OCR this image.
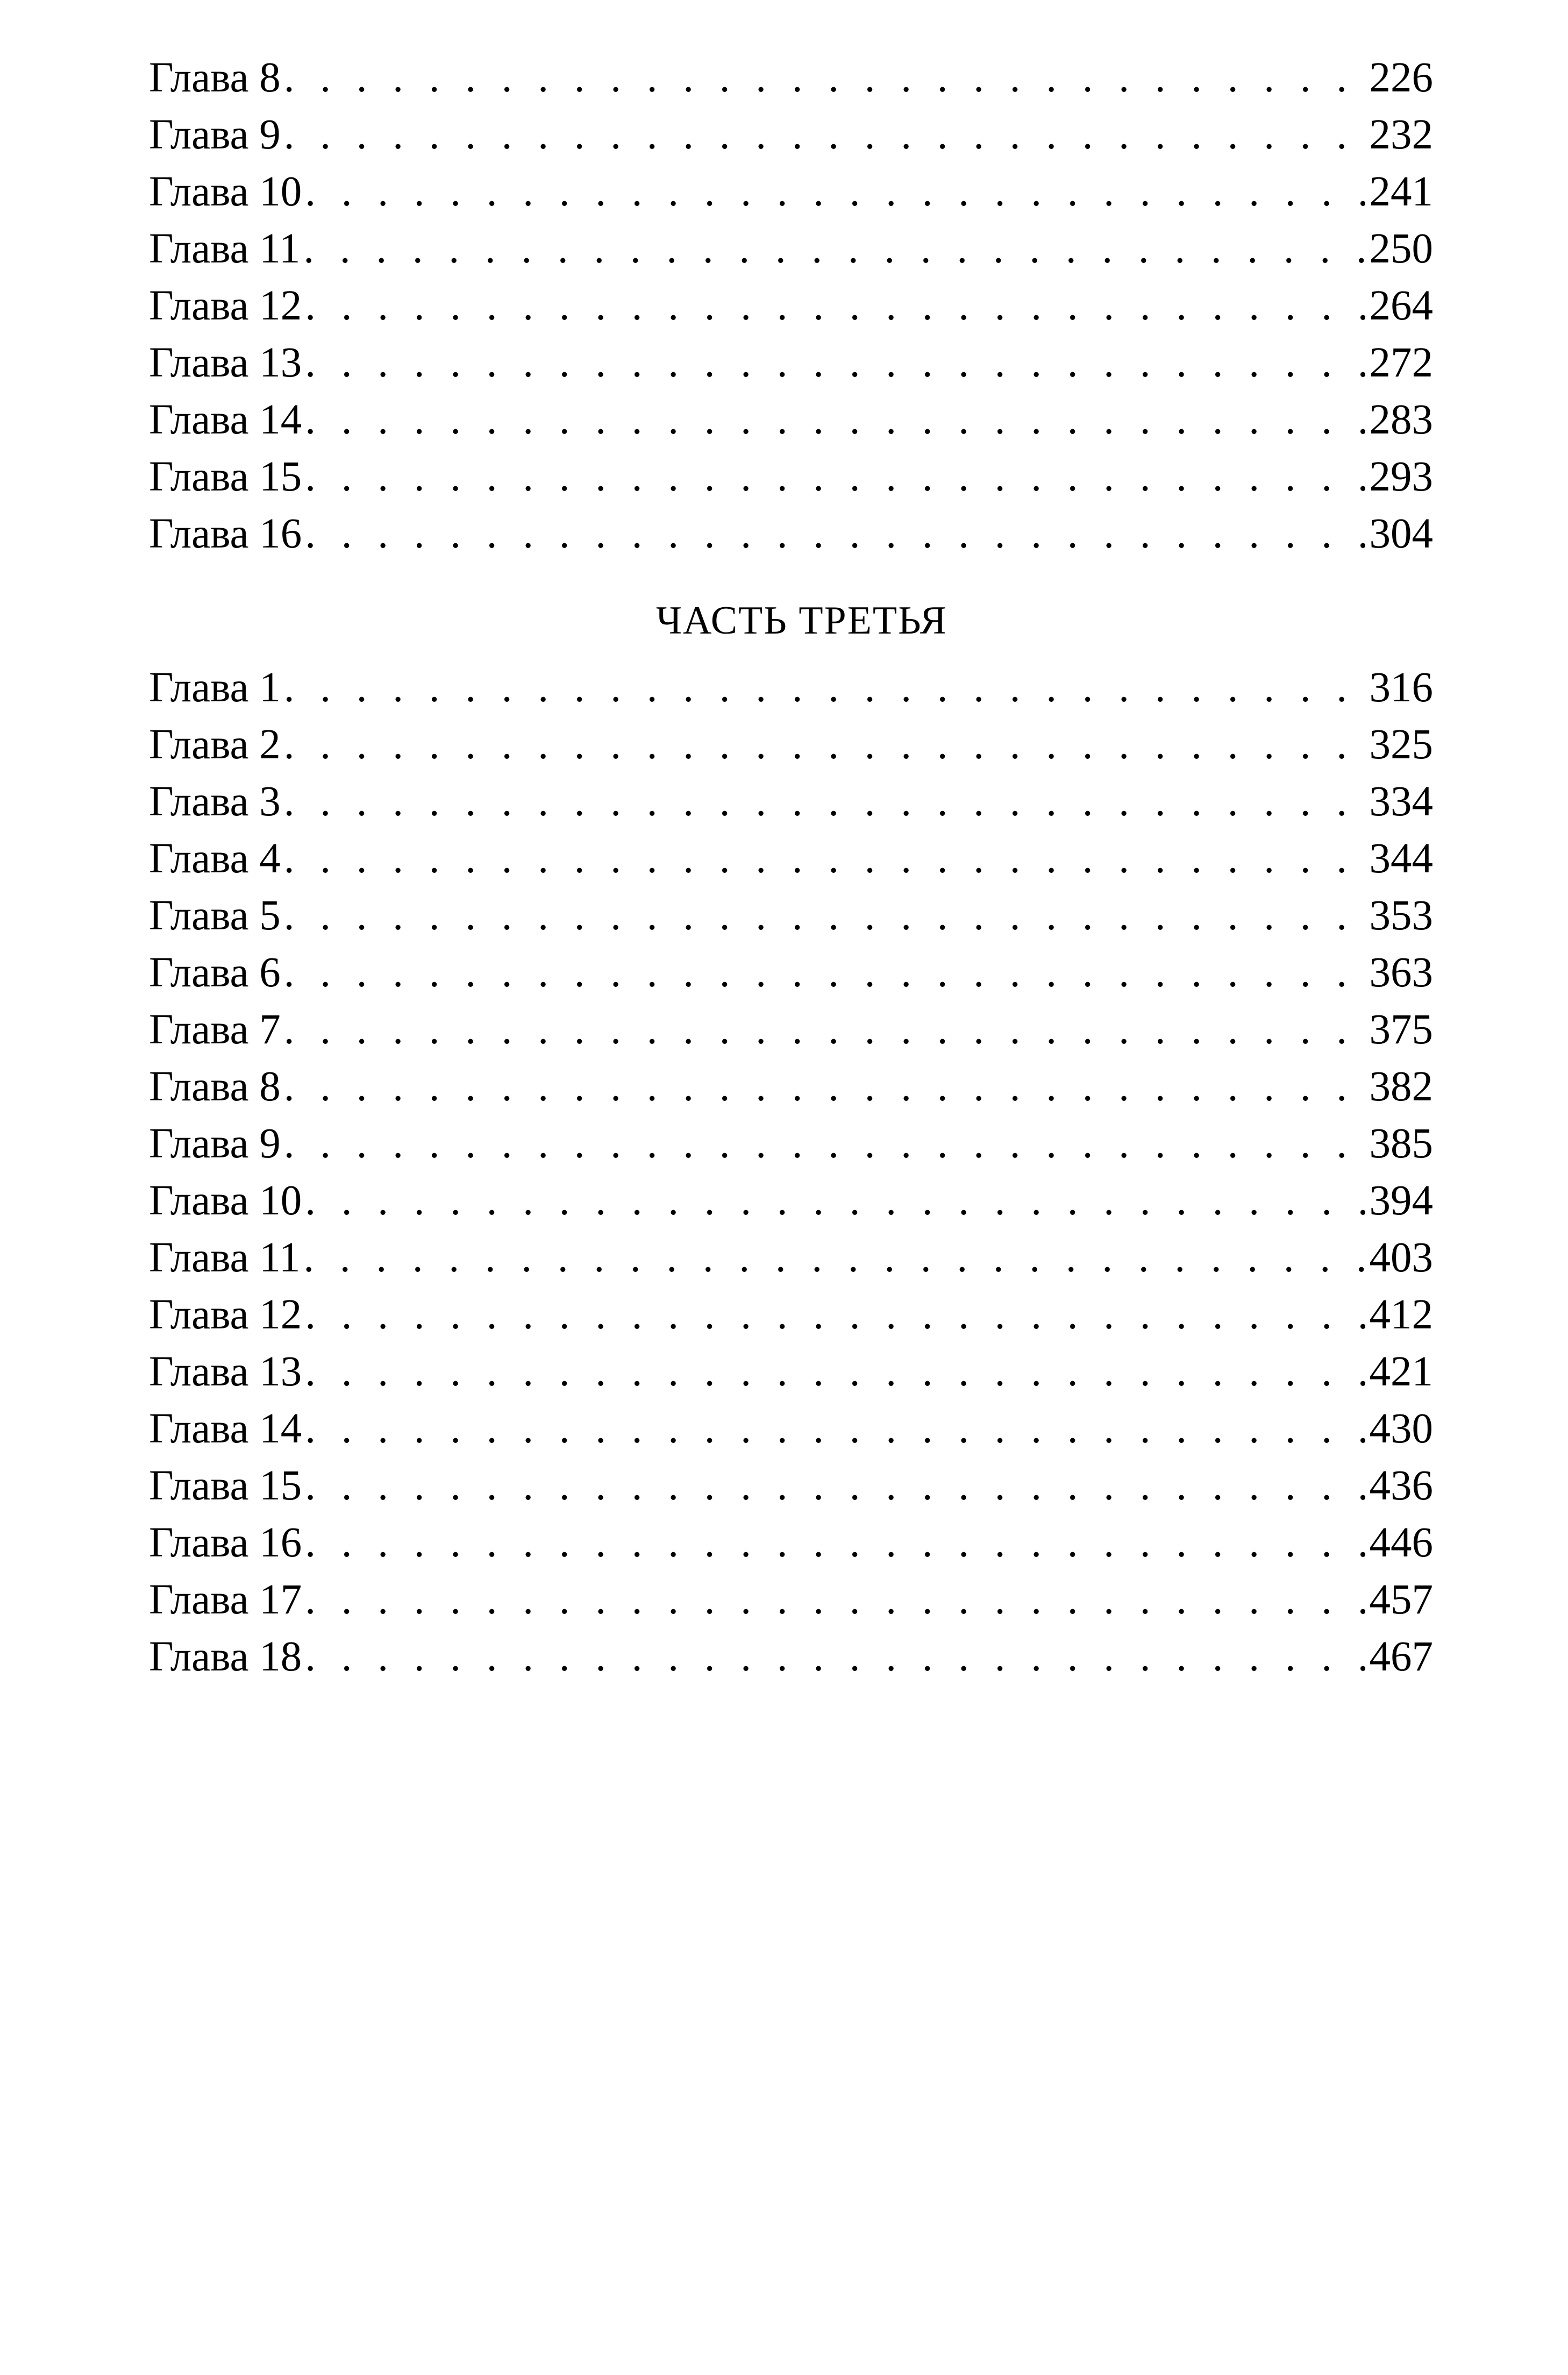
Глава 8 . . .	226
Глава 9 . . .	232
Глава 10 . . .	241
Глава 11 . . .	250
Глава 12 . . .	264
Глава 13 . . .	272
Глава 14 . . .	283
Глава 15 . . .	293
Глава 16 . . .	304
ЧАСТЬ ТРЕТЬЯ
Глава 1 . . .	316
Глава 2 . . .	325
Глава 3 . . .	334
Глава 4 . . .	344
Глава 5 . . .	353
Глава 6 . . .	363
Глава 7 . . .	375
Глава 8 . . .	382
Глава 9 . . .	385
Глава 10 . . .	394
Глава 11 . . .	403
Глава 12 . . .	412
Глава 13 . . .	421
Глава 14 . . .	430
Глава 15 . . .	436
Глава 16 . . .	446
Глава 17 . . .	457
Глава 18 . . .	467
